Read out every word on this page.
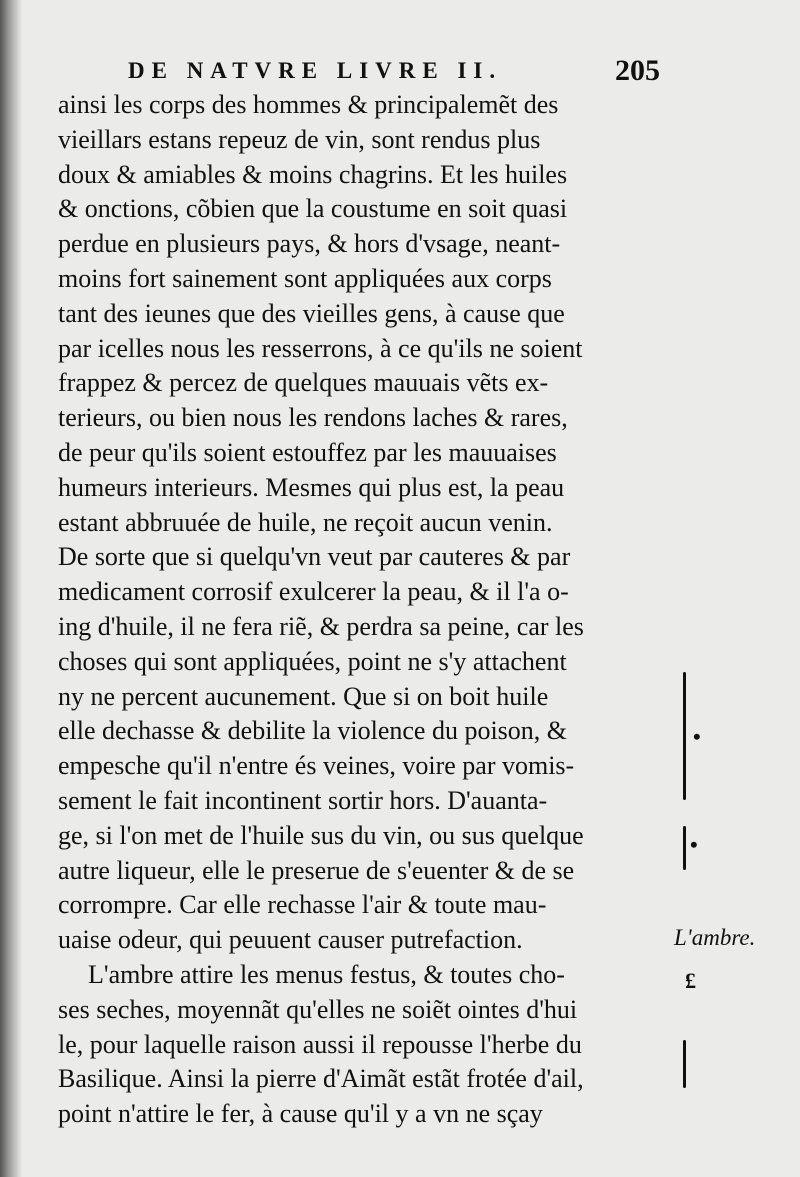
DE NATVRE LIVRE II.	205
ainsi les corps des hommes & principalemẽt des
vieillars estans repeuz de vin, sont rendus plus
doux & amiables & moins chagrins. Et les huiles
& onctions, cõbien que la coustume en soit quasi
perdue en plusieurs pays, & hors d'vsage, neant-
moins fort sainement sont appliquées aux corps
tant des ieunes que des vieilles gens, à cause que
par icelles nous les resserrons, à ce qu'ils ne soient
frappez & percez de quelques mauuais vẽts ex-
terieurs, ou bien nous les rendons laches & rares,
de peur qu'ils soient estouffez par les mauuaises
humeurs interieurs. Mesmes qui plus est, la peau
estant abbruuée de huile, ne reçoit aucun venin.
De sorte que si quelqu'vn veut par cauteres & par
medicament corrosif exulcerer la peau, & il l'a o-
ing d'huile, il ne fera riẽ, & perdra sa peine, car les
choses qui sont appliquées, point ne s'y attachent
ny ne percent aucunement. Que si on boit huile
elle dechasse & debilite la violence du poison, &
empesche qu'il n'entre és veines, voire par vomis-
sement le fait incontinent sortir hors. D'auanta-
ge, si l'on met de l'huile sus du vin, ou sus quelque
autre liqueur, elle le preserue de s'euenter & de se
corrompre. Car elle rechasse l'air & toute mau-
uaise odeur, qui peuuent causer putrefaction.
L'ambre attire les menus festus, & toutes cho-
ses seches, moyennãt qu'elles ne soiẽt ointes d'hui
le, pour laquelle raison aussi il repousse l'herbe du
Basilique. Ainsi la pierre d'Aimãt estãt frotée d'ail,
point n'attire le fer, à cause qu'il y a vn ne sçay
•
•
L'ambre.
£
